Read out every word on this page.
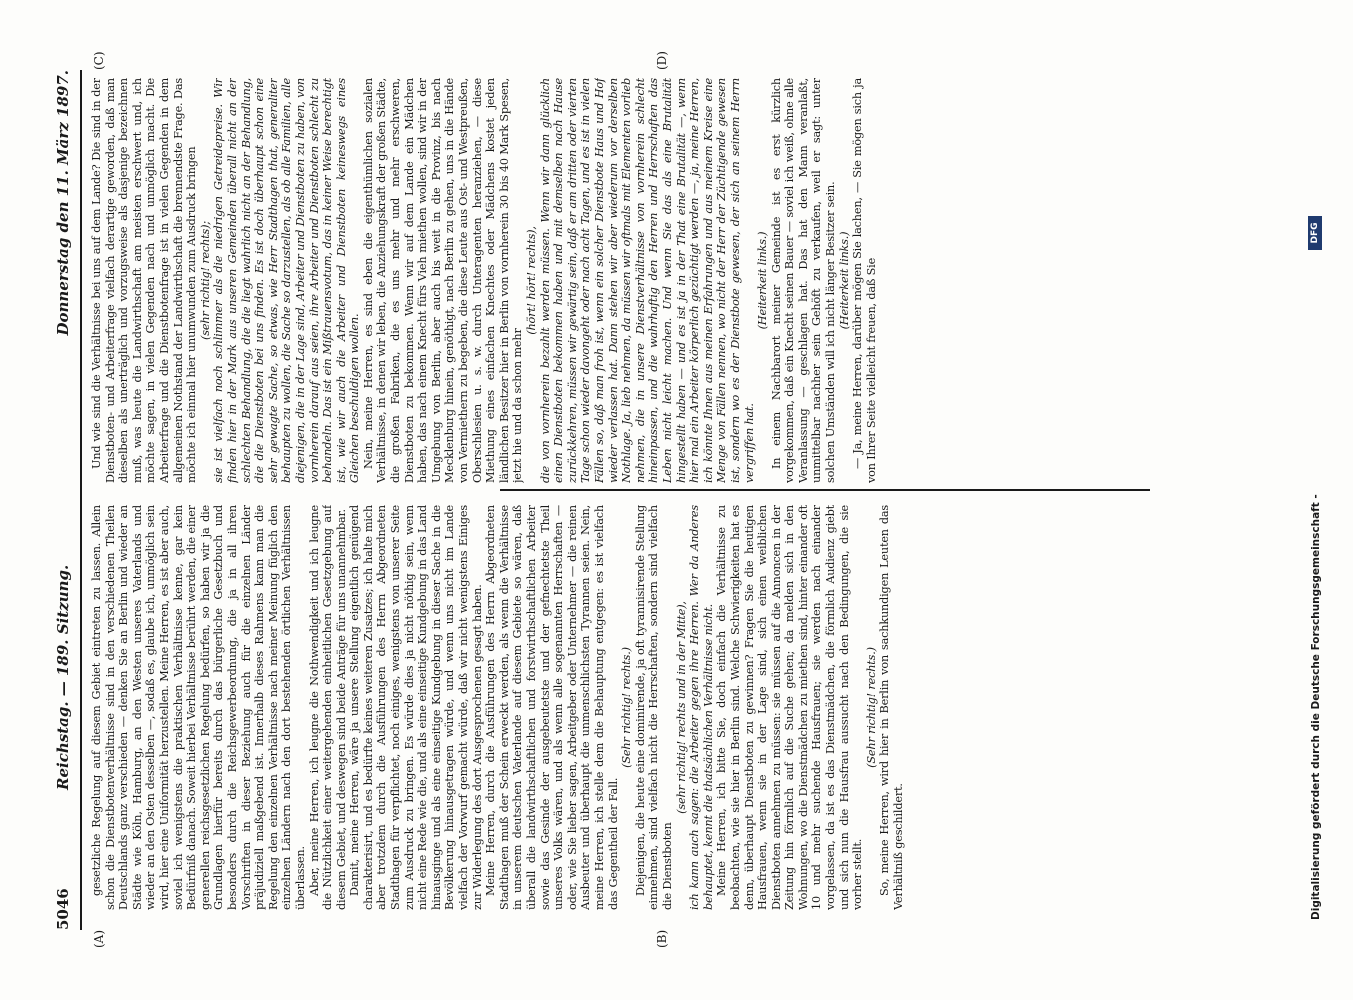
5046
Reichstag. — 189. Sitzung.
Donnerstag den 11. März 1897.
(A)	(B)
(C)	(D)

gesetzliche Regelung auf diesem Gebiet eintreten zu lassen. Allein schon die Dienstbotenverhältnisse sind in den verschiedenen Theilen Deutschlands ganz verschieden — denken Sie an Berlin und wieder an Städte wie Köln, Hamburg, an den Westen unseres Vaterlands und wieder an den Osten desselben —, sodaß es, glaube ich, unmöglich sein wird, hier eine Uniformität herzustellen. Meine Herren, es ist aber auch, soviel ich wenigstens die praktischen Verhältnisse kenne, gar kein Bedürfniß danach. Soweit hierbei Verhältnisse berührt werden, die einer generellen reichsgesetzlichen Regelung bedürfen, so haben wir ja die Grundlagen hierfür bereits durch das bürgerliche Gesetzbuch und besonders durch die Reichsgewerbeordnung, die ja in all ihren Vorschriften in dieser Beziehung auch für die einzelnen Länder präjudiziell maßgebend ist. Innerhalb dieses Rahmens kann man die Regelung den einzelnen Verhältnisse nach meiner Meinung füglich den einzelnen Ländern nach den dort bestehenden örtlichen Verhältnissen überlassen. Aber, meine Herren, ich leugne die Nothwendigkeit und ich leugne die Nützlichkeit einer weitergehenden einheitlichen Gesetzgebung auf diesem Gebiet, und deswegen sind beide Anträge für uns unannehmbar. Damit, meine Herren, wäre ja unsere Stellung eigentlich genügend charakterisirt, und es bedürfte keines weiteren Zusatzes; ich halte mich aber trotzdem durch die Ausführungen des Herrn Abgeordneten Stadthagen für verpflichtet, noch einiges, wenigstens von unserer Seite zum Ausdruck zu bringen. Es würde dies ja nicht nöthig sein, wenn nicht eine Rede wie die, und als eine einseitige Kundgebung in das Land hinausginge und als eine einseitige Kundgebung in dieser Sache in die Bevölkerung hinausgetragen würde, und wenn uns nicht im Lande vielfach der Vorwurf gemacht würde, daß wir nicht wenigstens Einiges zur Widerlegung des dort Ausgesprochenen gesagt haben. Meine Herren, durch die Ausführungen des Herrn Abgeordneten Stadthagen muß der Schein erweckt werden, als wenn die Verhältnisse in unserem deutschen Vaterlande auf diesem Gebiete so wären, daß überall die landwirthschaftlichen und forstwirthschaftlichen Arbeiter sowie das Gesinde der ausgebeutetste und der gefnechtetste Theil unseres Volks wären, und als wenn alle sogenannten Herrschaften — oder, wie Sie lieber sagen, Arbeitgeber oder Unternehmer — die reinen Ausbeuter und überhaupt die unmenschlichsten Tyrannen seien. Nein, meine Herren, ich stelle dem die Behauptung entgegen: es ist vielfach das Gegentheil der Fall.

(Sehr richtig! rechts.) Diejenigen, die heute eine dominirende, ja oft tyrannisirende Stellung einnehmen, sind vielfach nicht die Herrschaften, sondern sind vielfach die Dienstboten

(sehr richtig! rechts und in der Mitte), ich kann auch sagen: die Arbeiter gegen ihre Herren. Wer da Anderes behauptet, kennt die thatsächlichen Verhältnisse nicht. Meine Herren, ich bitte Sie, doch einfach die Verhältnisse zu beobachten, wie sie hier in Berlin sind. Welche Schwierigkeiten hat es denn, überhaupt Dienstboten zu gewinnen? Fragen Sie die heutigen Hausfrauen, wenn sie in der Lage sind, sich einen weiblichen Dienstboten annehmen zu müssen: sie müssen auf die Annoncen in der Zeitung hin förmlich auf die Suche gehen; da melden sich in den Wohnungen, wo die Dienstmädchen zu miethen sind, hinter einander oft 10 und mehr suchende Hausfrauen; sie werden nach einander vorgelassen, da ist es das Dienstmädchen, die förmlich Audienz giebt und sich nun die Hausfrau aussucht nach den Bedingungen, die sie vorher stellt.

(Sehr richtig! rechts.) So, meine Herren, wird hier in Berlin von sachkundigen Leuten das Verhältniß geschildert.

Und wie sind die Verhältnisse bei uns auf dem Lande? Die sind in der Dienstboten- und Arbeiterfrage vielfach derartige geworden, daß man dieselben als unerträglich und vorzugsweise als dasjenige bezeichnen muß, was heute die Landwirthschaft am meisten erschwert und, ich möchte sagen, in vielen Gegenden nach und unmöglich macht. Die Arbeiterfrage und die Dienstbotenfrage ist in vielen Gegenden in dem allgemeinen Nothstand der Landwirthschaft die brennendste Frage. Das möchte ich einmal hier unumwunden zum Ausdruck bringen (sehr richtig! rechts); sie ist vielfach noch schlimmer als die niedrigen Getreidepreise. Wir finden hier in der Mark aus unseren Gemeinden überall nicht an der schlechten Behandlung, die die liegt wahrlich nicht an der Behandlung, die die Dienstboten bei uns finden. Es ist doch überhaupt schon eine sehr gewagte Sache, so etwas, wie Herr Stadthagen that, generaliter behaupten zu wollen, die Sache so darzustellen, als ob alle Familien, alle diejenigen, die in der Lage sind, Arbeiter und Dienstboten zu haben, von vornherein darauf aus seien, ihre Arbeiter und Dienstboten schlecht zu behandeln. Das ist ein Mißtrauensvotum, das in keiner Weise berechtigt ist, wie wir auch die Arbeiter und Dienstboten keineswegs eines Gleichen beschuldigen wollen. Nein, meine Herren, es sind eben die eigenthümlichen sozialen Verhältnisse, in denen wir leben, die Anziehungskraft der großen Städte, die großen Fabriken, die es uns mehr und mehr erschweren, Dienstboten zu bekommen. Wenn wir auf dem Lande ein Mädchen haben, das nach einem Knecht fürs Vieh miethen wollen, sind wir in der Umgebung von Berlin, aber auch bis weit in die Provinz, bis nach Mecklenburg hinein, genöthigt, nach Berlin zu gehen, uns in die Hände von Vermiethern zu begeben, die diese Leute aus Ost- und Westpreußen, Oberschlesien u. s. w. durch Unteragenten heranziehen, — diese Miethung eines einfachen Knechtes oder Mädchens kostet jeden ländlichen Besitzer hier in Berlin von vornherein 30 bis 40 Mark Spesen, jetzt hie und da schon mehr

(hört! hört! rechts), die von vornherein bezahlt werden müssen. Wenn wir dann glücklich einen Dienstboten bekommen haben und mit demselben nach Hause zurückkehren, müssen wir gewärtig sein, daß er am dritten oder vierten Tage schon wieder davongeht oder nach acht Tagen, und es ist in vielen Fällen so, daß man froh ist, wenn ein solcher Dienstbote Haus und Hof wieder verlassen hat. Dann stehen wir aber wiederum vor derselben Nothlage. Ja, lieb nehmen, da müssen wir oftmals mit Elementen vorlieb nehmen, die in unsere Dienstverhältnisse von vornherein schlecht hineinpassen, und die wahrhaftig den Herren und Herrschaften das Leben nicht leicht machen. Und wenn Sie das als eine Brutalität hingestellt haben — und es ist ja in der That eine Brutalität —, wenn hier mal ein Arbeiter körperlich gezüchtigt werden —, ja, meine Herren, ich könnte Ihnen aus meinen Erfahrungen und aus meinem Kreise eine Menge von Fällen nennen, wo nicht der Herr der Züchtigende gewesen ist, sondern wo es der Dienstbote gewesen, der sich an seinem Herrn vergriffen hat.

(Heiterkeit links.) In einem Nachbarort meiner Gemeinde ist es erst kürzlich vorgekommen, daß ein Knecht seinen Bauer — soviel ich weiß, ohne alle Veranlassung — geschlagen hat. Das hat den Mann veranlaßt, unmittelbar nachher sein Gehöft zu verkaufen, weil er sagt: unter solchen Umständen will ich nicht länger Besitzer sein. (Heiterkeit links.) — Ja, meine Herren, darüber mögen Sie lachen, — Sie mögen sich ja von Ihrer Seite vielleicht freuen, daß Sie

Digitalisierung gefördert durch die Deutsche Forschungsgemeinschaft -
DFG
